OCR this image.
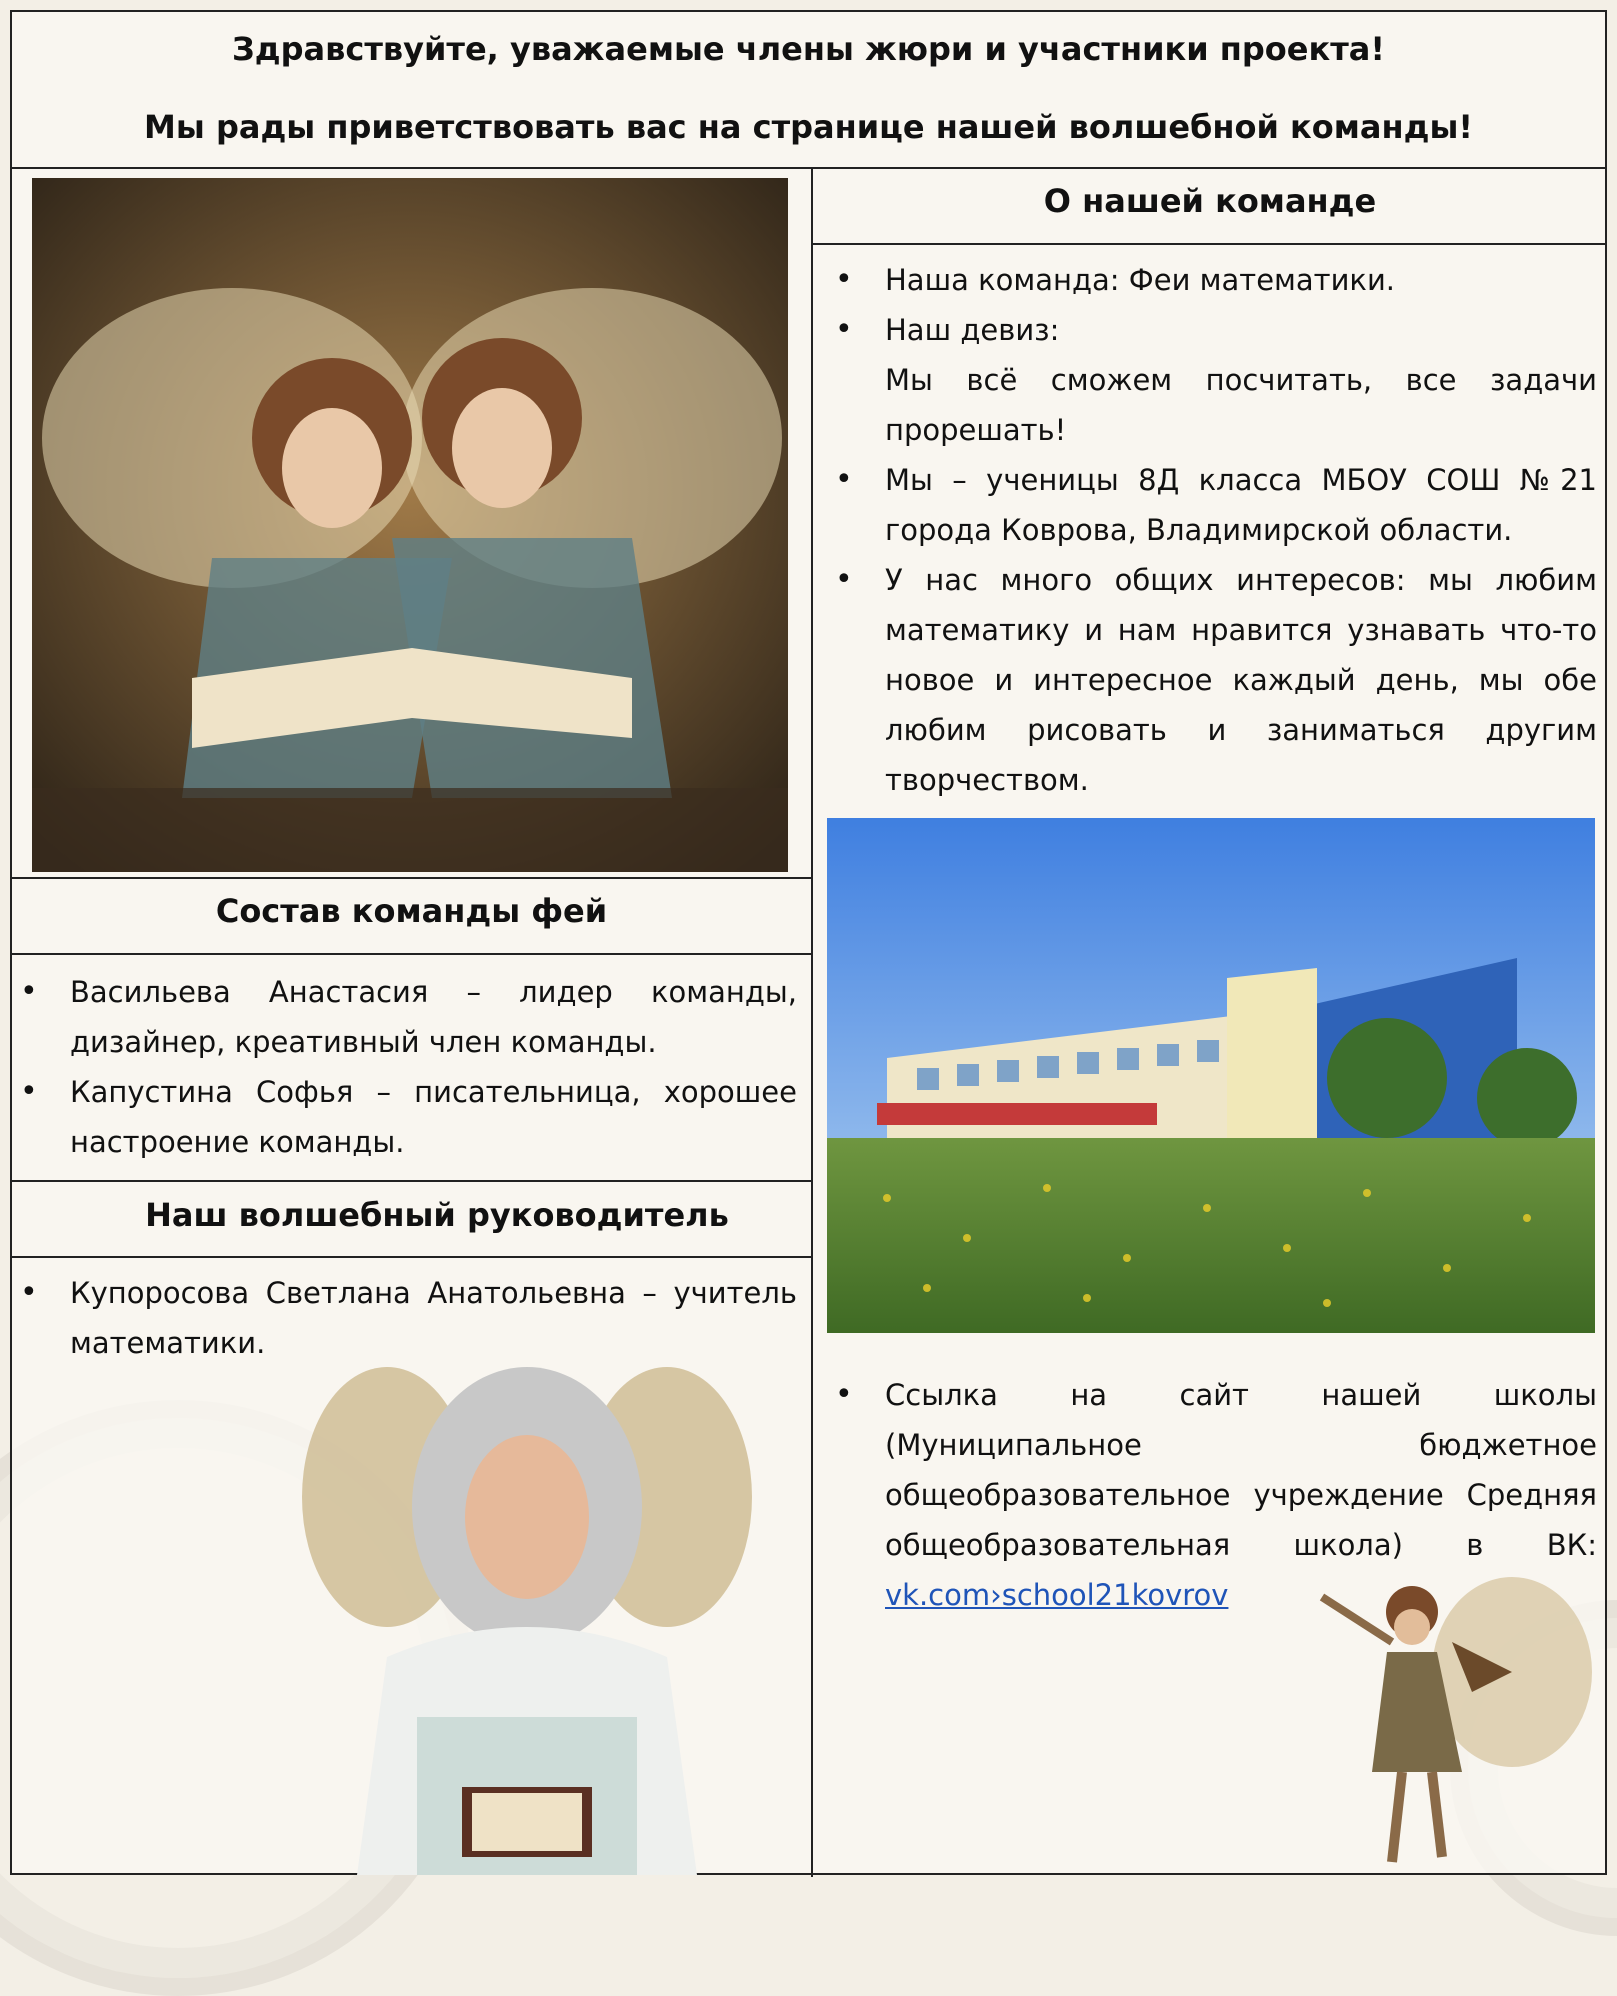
Здравствуйте, уважаемые члены жюри и участники проекта!
Мы рады приветствовать вас на странице нашей волшебной команды!
О нашей команде
• Наша команда: Феи математики.
• Наш девиз:

Мы всё сможем посчитать, все задачи прорешать!
• Мы – ученицы 8Д класса МБОУ СОШ №21 города Коврова, Владимирской области.
• У нас много общих интересов: мы любим математику и нам нравится узнавать что-то новое и интересное каждый день, мы обе любим рисовать и заниматься другим творчеством.
Состав команды фей
• Васильева Анастасия – лидер команды, дизайнер, креативный член команды.
• Капустина Софья – писательница, хорошее настроение команды.
Наш волшебный руководитель
• Купоросова Светлана Анатольевна – учитель математики.
• Ссылка на сайт нашей школы (Муниципальное бюджетное общеобразовательное учреждение Средняя общеобразовательная школа) в ВК: vk.com›school21kovrov
